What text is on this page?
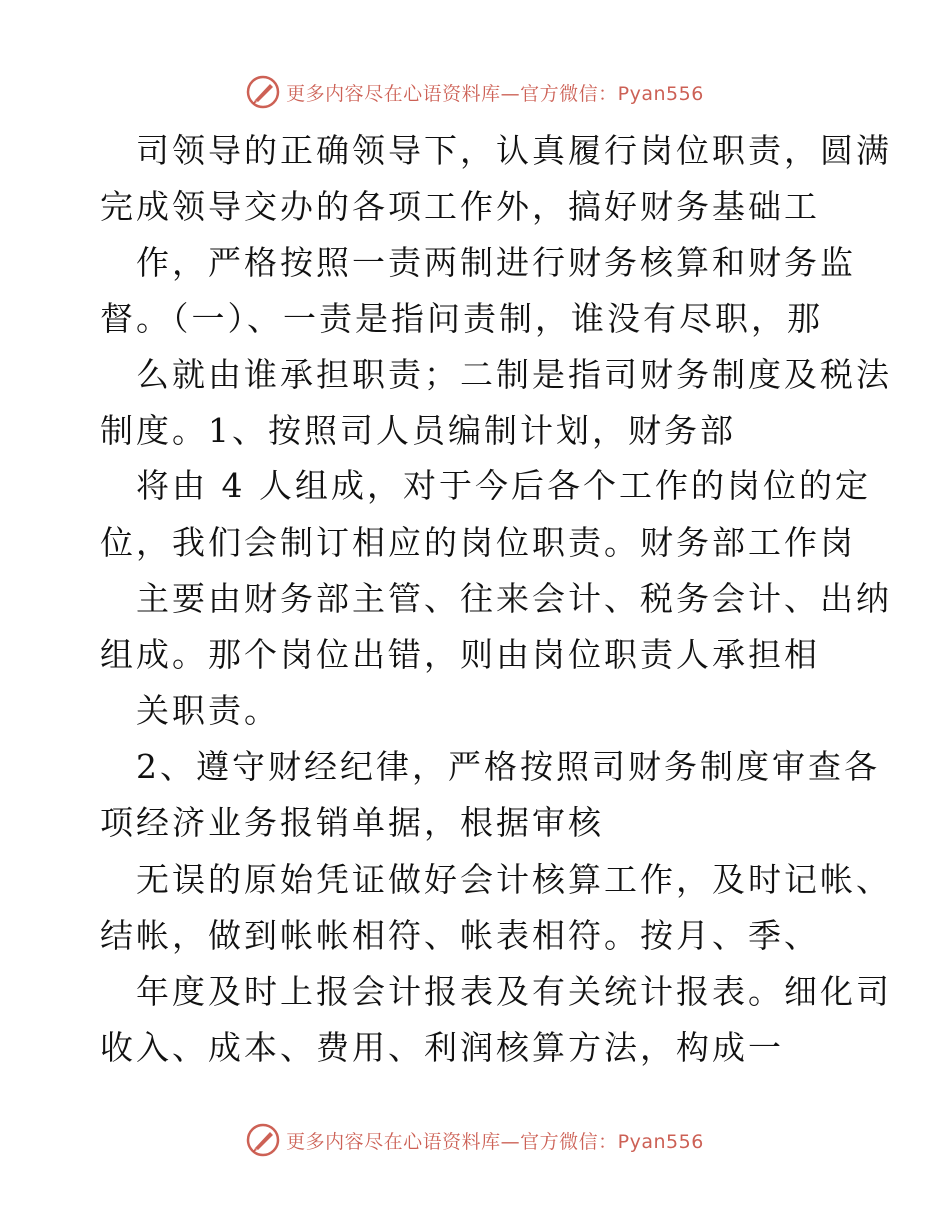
更多内容尽在心语资料库—官方微信：Pyan556
司领导的正确领导下，认真履行岗位职责，圆满
完成领导交办的各项工作外，搞好财务基础工
作，严格按照一责两制进行财务核算和财务监
督。（一）、一责是指问责制，谁没有尽职，那
么就由谁承担职责；二制是指司财务制度及税法
制度。1、按照司人员编制计划，财务部
将由 4 人组成，对于今后各个工作的岗位的定
位，我们会制订相应的岗位职责。财务部工作岗
主要由财务部主管、往来会计、税务会计、出纳
组成。那个岗位出错，则由岗位职责人承担相
关职责。
2、遵守财经纪律，严格按照司财务制度审查各
项经济业务报销单据，根据审核
无误的原始凭证做好会计核算工作，及时记帐、
结帐，做到帐帐相符、帐表相符。按月、季、
年度及时上报会计报表及有关统计报表。细化司
收入、成本、费用、利润核算方法，构成一
更多内容尽在心语资料库—官方微信：Pyan556
